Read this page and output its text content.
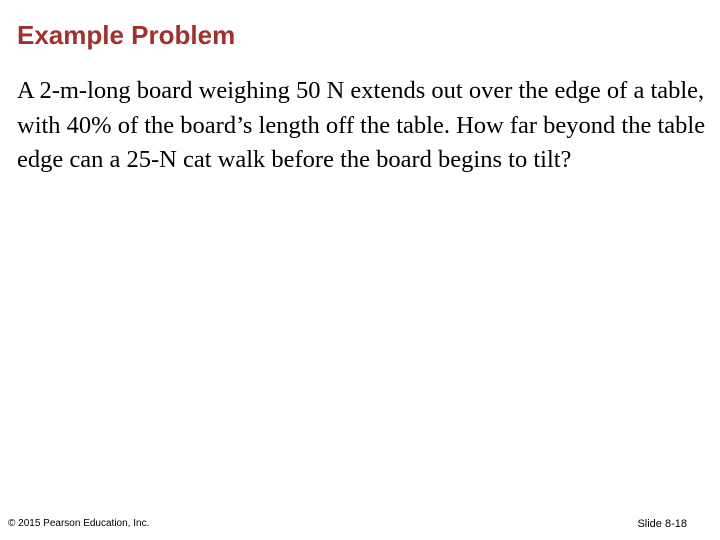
Example Problem

A 2-m-long board weighing 50 N extends out over the edge of a table, with 40% of the board’s length off the table. How far beyond the table edge can a 25-N cat walk before the board begins to tilt?

© 2015 Pearson Education, Inc.	Slide 8-18
